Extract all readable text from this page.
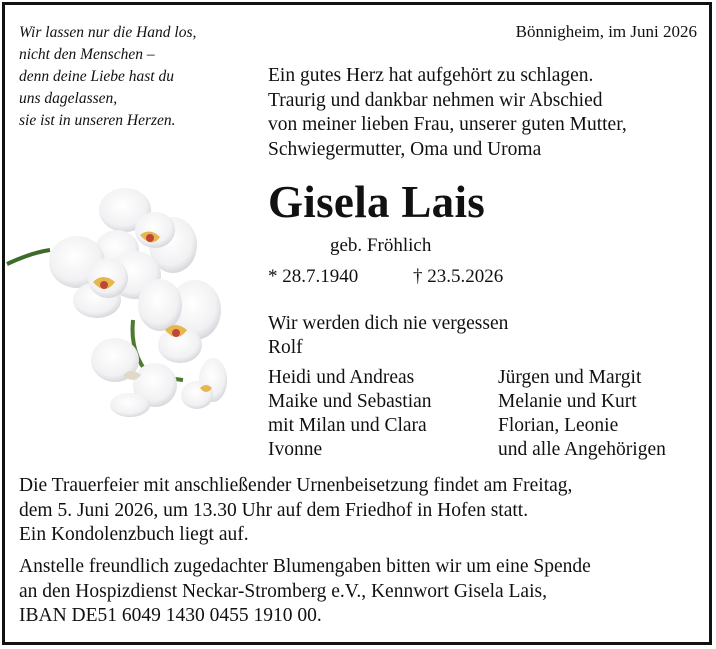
Wir lassen nur die Hand los,
nicht den Menschen –
denn deine Liebe hast du
uns dagelassen,
sie ist in unseren Herzen.
Bönnigheim, im Juni 2026
Ein gutes Herz hat aufgehört zu schlagen.
Traurig und dankbar nehmen wir Abschied
von meiner lieben Frau, unserer guten Mutter,
Schwiegermutter, Oma und Uroma
Gisela Lais
geb. Fröhlich
* 28.7.1940	† 23.5.2026
Wir werden dich nie vergessen
Rolf
Heidi und Andreas
Maike und Sebastian
mit Milan und Clara
Ivonne
Jürgen und Margit
Melanie und Kurt
Florian, Leonie
und alle Angehörigen
Die Trauerfeier mit anschließender Urnenbeisetzung findet am Freitag,
dem 5. Juni 2026, um 13.30 Uhr auf dem Friedhof in Hofen statt.
Ein Kondolenzbuch liegt auf.
Anstelle freundlich zugedachter Blumengaben bitten wir um eine Spende
an den Hospizdienst Neckar-Stromberg e.V., Kennwort Gisela Lais,
IBAN DE51 6049 1430 0455 1910 00.
